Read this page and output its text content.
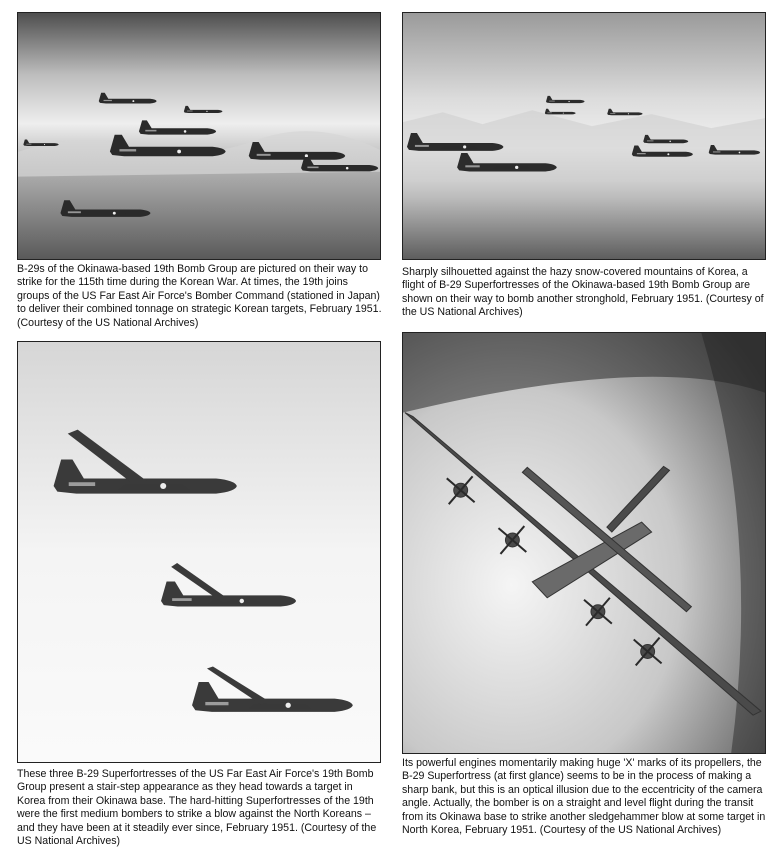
B-29s of the Okinawa-based 19th Bomb Group are pictured on their way to strike for the 115th time during the Korean War. At times, the 19th joins groups of the US Far East Air Force's Bomber Command (stationed in Japan) to deliver their combined tonnage on strategic Korean targets, February 1951. (Courtesy of the US National Archives)
Sharply silhouetted against the hazy snow-covered mountains of Korea, a flight of B-29 Superfortresses of the Okinawa-based 19th Bomb Group are shown on their way to bomb another stronghold, February 1951. (Courtesy of the US National Archives)
These three B-29 Superfortresses of the US Far East Air Force's 19th Bomb Group present a stair-step appearance as they head towards a target in Korea from their Okinawa base. The hard-hitting Superfortresses of the 19th were the first medium bombers to strike a blow against the North Koreans – and they have been at it steadily ever since, February 1951. (Courtesy of the US National Archives)
Its powerful engines momentarily making huge 'X' marks of its propellers, the B-29 Superfortress (at first glance) seems to be in the process of making a sharp bank, but this is an optical illusion due to the eccentricity of the camera angle. Actually, the bomber is on a straight and level flight during the transit from its Okinawa base to strike another sledgehammer blow at some target in North Korea, February 1951. (Courtesy of the US National Archives)
